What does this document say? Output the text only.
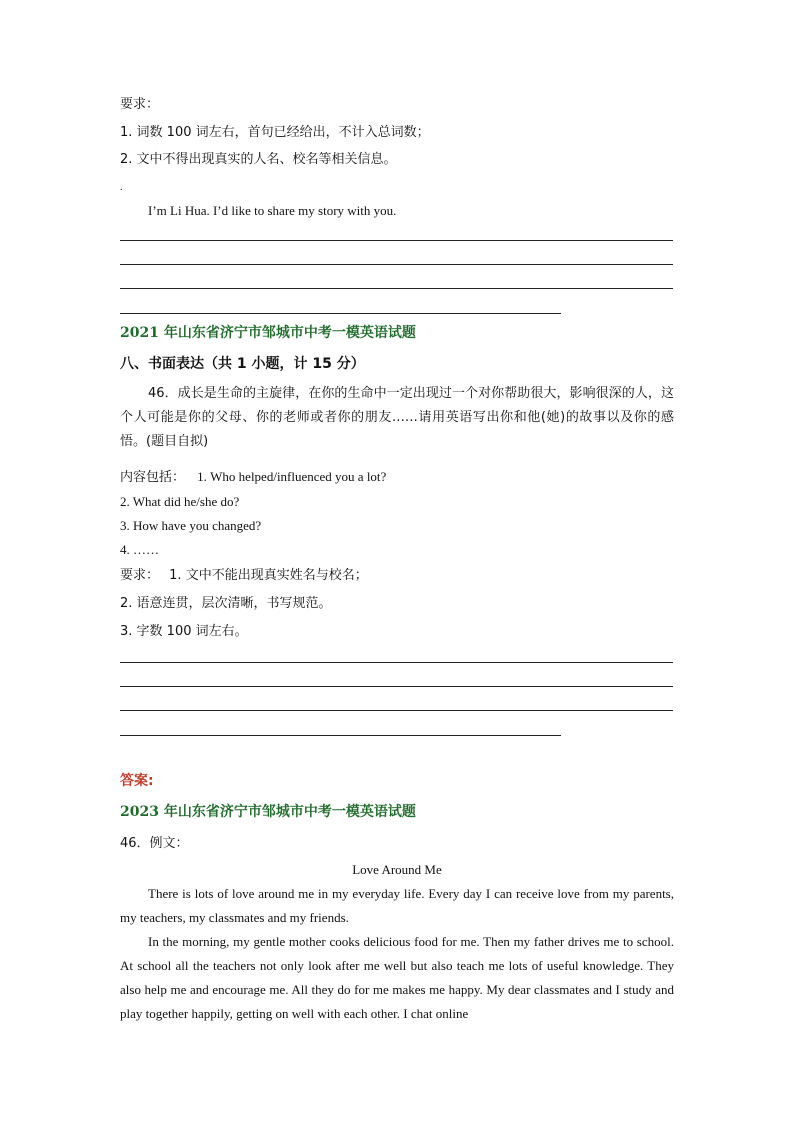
要求：
1. 词数 100 词左右，首句已经给出，不计入总词数；
2. 文中不得出现真实的人名、校名等相关信息。
.
I’m Li Hua. I’d like to share my story with you.
2021 年山东省济宁市邹城市中考一模英语试题
八、书面表达（共 1 小题，计 15 分）
46．成长是生命的主旋律，在你的生命中一定出现过一个对你帮助很大，影响很深的人，这个人可能是你的父母、你的老师或者你的朋友……请用英语写出你和他(她)的故事以及你的感悟。(题目自拟)
内容包括： 1. Who helped/influenced you a lot?
2. What did he/she do?
3. How have you changed?
4. ……
要求： 1. 文中不能出现真实姓名与校名；
2. 语意连贯，层次清晰，书写规范。
3. 字数 100 词左右。
答案:
2023 年山东省济宁市邹城市中考一模英语试题
46．例文：
Love Around Me
There is lots of love around me in my everyday life. Every day I can receive love from my parents, my teachers, my classmates and my friends.
In the morning, my gentle mother cooks delicious food for me. Then my father drives me to school. At school all the teachers not only look after me well but also teach me lots of useful knowledge. They also help me and encourage me. All they do for me makes me happy. My dear classmates and I study and play together happily, getting on well with each other. I chat online
